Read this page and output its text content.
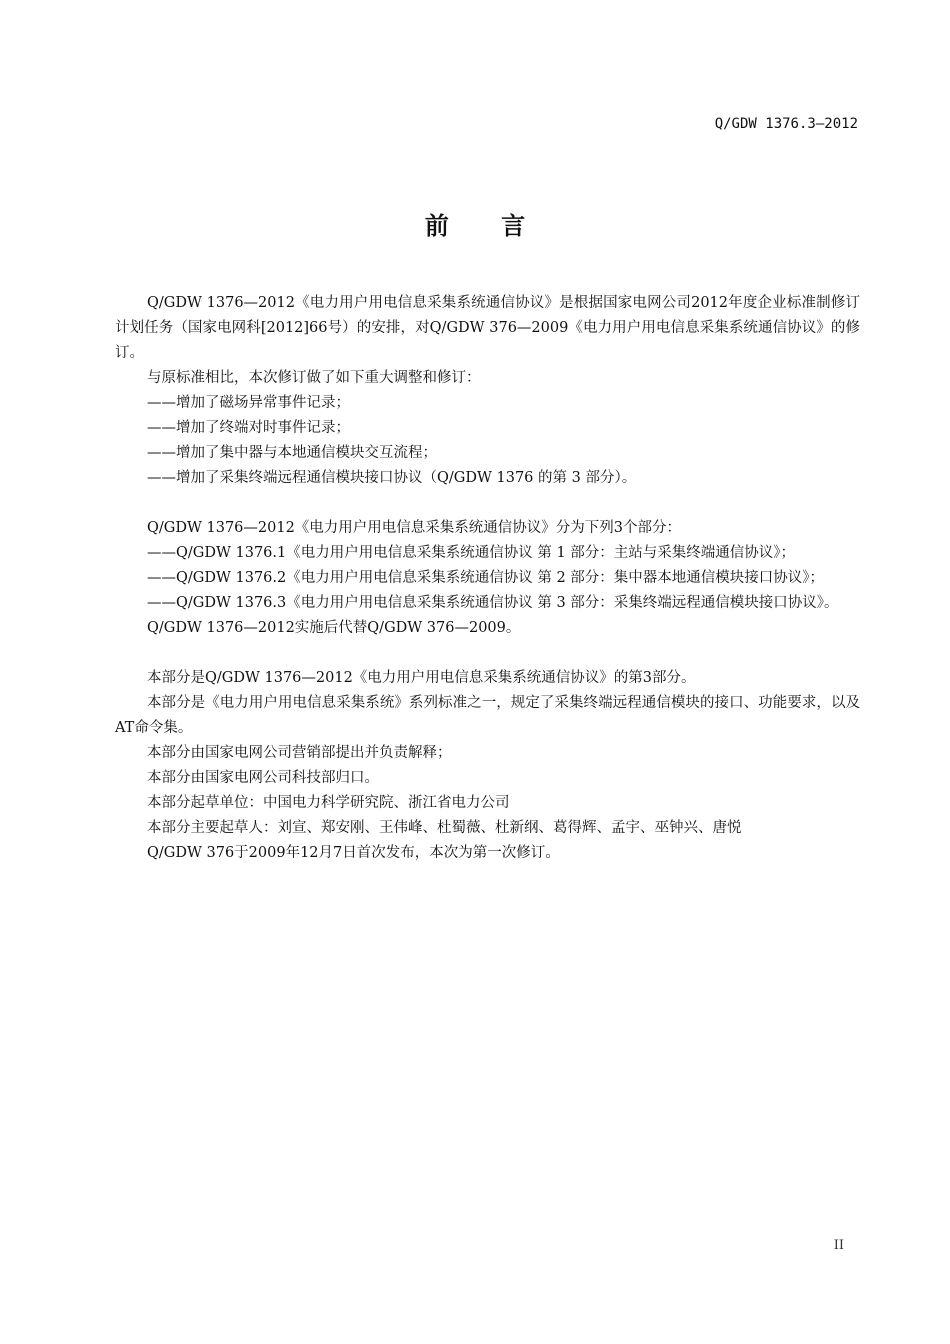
Q/GDW 1376.3—2012
前 言

Q/GDW 1376—2012《电力用户用电信息采集系统通信协议》是根据国家电网公司2012年度企业标准制修订计划任务（国家电网科[2012]66号）的安排，对Q/GDW 376—2009《电力用户用电信息采集系统通信协议》的修订。

与原标准相比，本次修订做了如下重大调整和修订：

——增加了磁场异常事件记录；

——增加了终端对时事件记录；

——增加了集中器与本地通信模块交互流程；

——增加了采集终端远程通信模块接口协议（Q/GDW 1376 的第 3 部分）。

Q/GDW 1376—2012《电力用户用电信息采集系统通信协议》分为下列3个部分：

——Q/GDW 1376.1《电力用户用电信息采集系统通信协议 第 1 部分：主站与采集终端通信协议》；

——Q/GDW 1376.2《电力用户用电信息采集系统通信协议 第 2 部分：集中器本地通信模块接口协议》；

——Q/GDW 1376.3《电力用户用电信息采集系统通信协议 第 3 部分：采集终端远程通信模块接口协议》。

Q/GDW 1376—2012实施后代替Q/GDW 376—2009。

本部分是Q/GDW 1376—2012《电力用户用电信息采集系统通信协议》的第3部分。

本部分是《电力用户用电信息采集系统》系列标准之一，规定了采集终端远程通信模块的接口、功能要求，以及AT命令集。

本部分由国家电网公司营销部提出并负责解释；

本部分由国家电网公司科技部归口。

本部分起草单位：中国电力科学研究院、浙江省电力公司

本部分主要起草人：刘宣、郑安刚、王伟峰、杜蜀薇、杜新纲、葛得辉、孟宇、巫钟兴、唐悦

Q/GDW 376于2009年12月7日首次发布，本次为第一次修订。

II
